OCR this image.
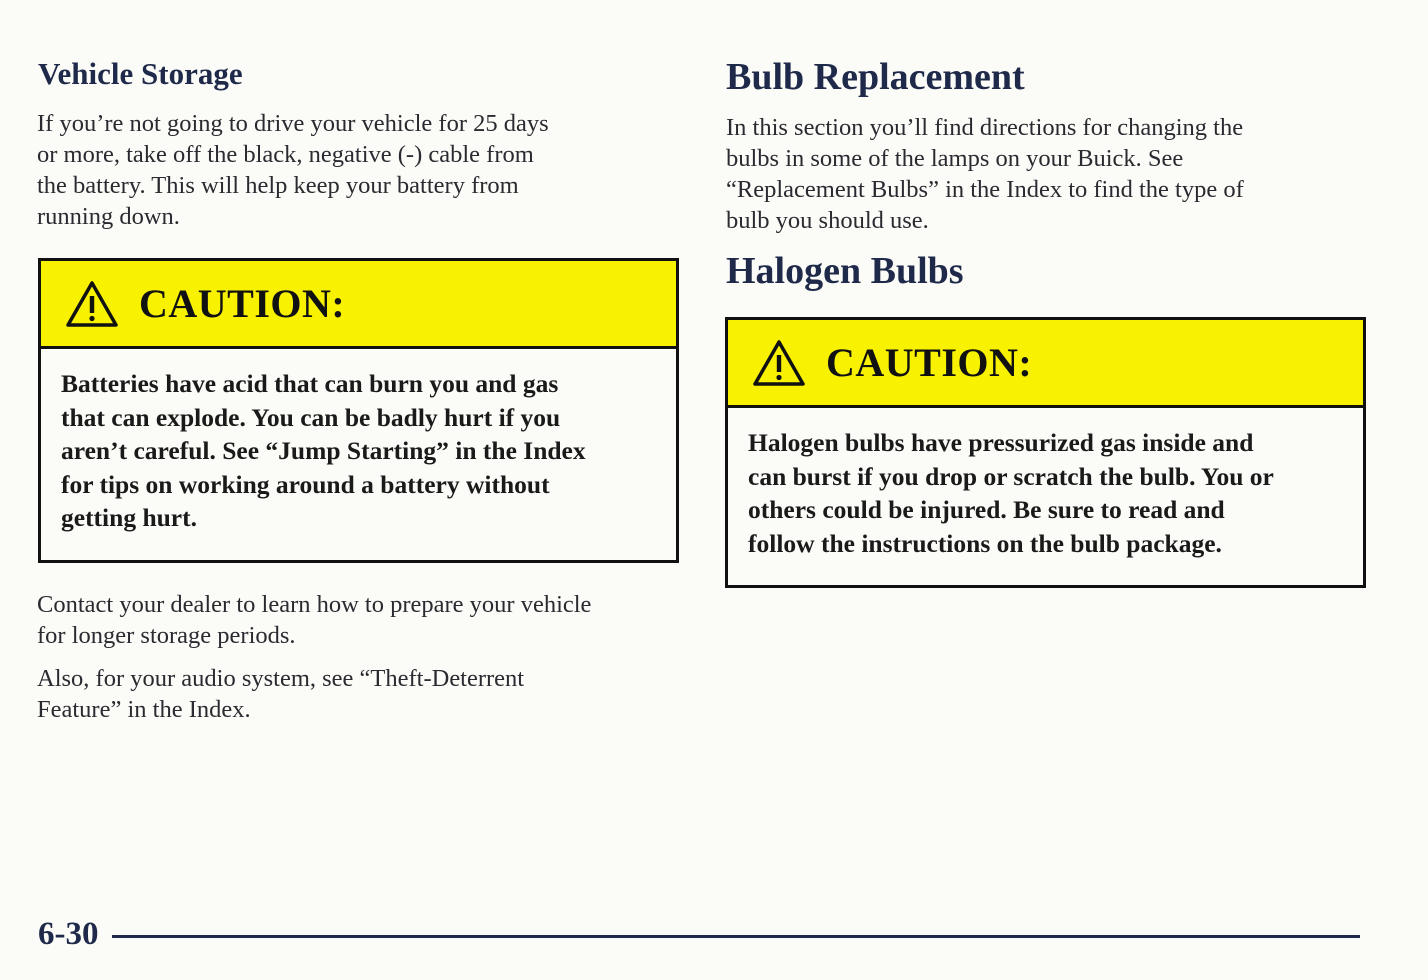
Vehicle Storage

If you’re not going to drive your vehicle for 25 days
or more, take off the black, negative (-) cable from
the battery. This will help keep your battery from
running down.

CAUTION:
Batteries have acid that can burn you and gas
that can explode. You can be badly hurt if you
aren’t careful. See “Jump Starting” in the Index
for tips on working around a battery without
getting hurt.

Contact your dealer to learn how to prepare your vehicle
for longer storage periods.

Also, for your audio system, see “Theft-Deterrent
Feature” in the Index.

Bulb Replacement

In this section you’ll find directions for changing the
bulbs in some of the lamps on your Buick. See
“Replacement Bulbs” in the Index to find the type of
bulb you should use.

Halogen Bulbs
CAUTION:
Halogen bulbs have pressurized gas inside and
can burst if you drop or scratch the bulb. You or
others could be injured. Be sure to read and
follow the instructions on the bulb package.
6-30
